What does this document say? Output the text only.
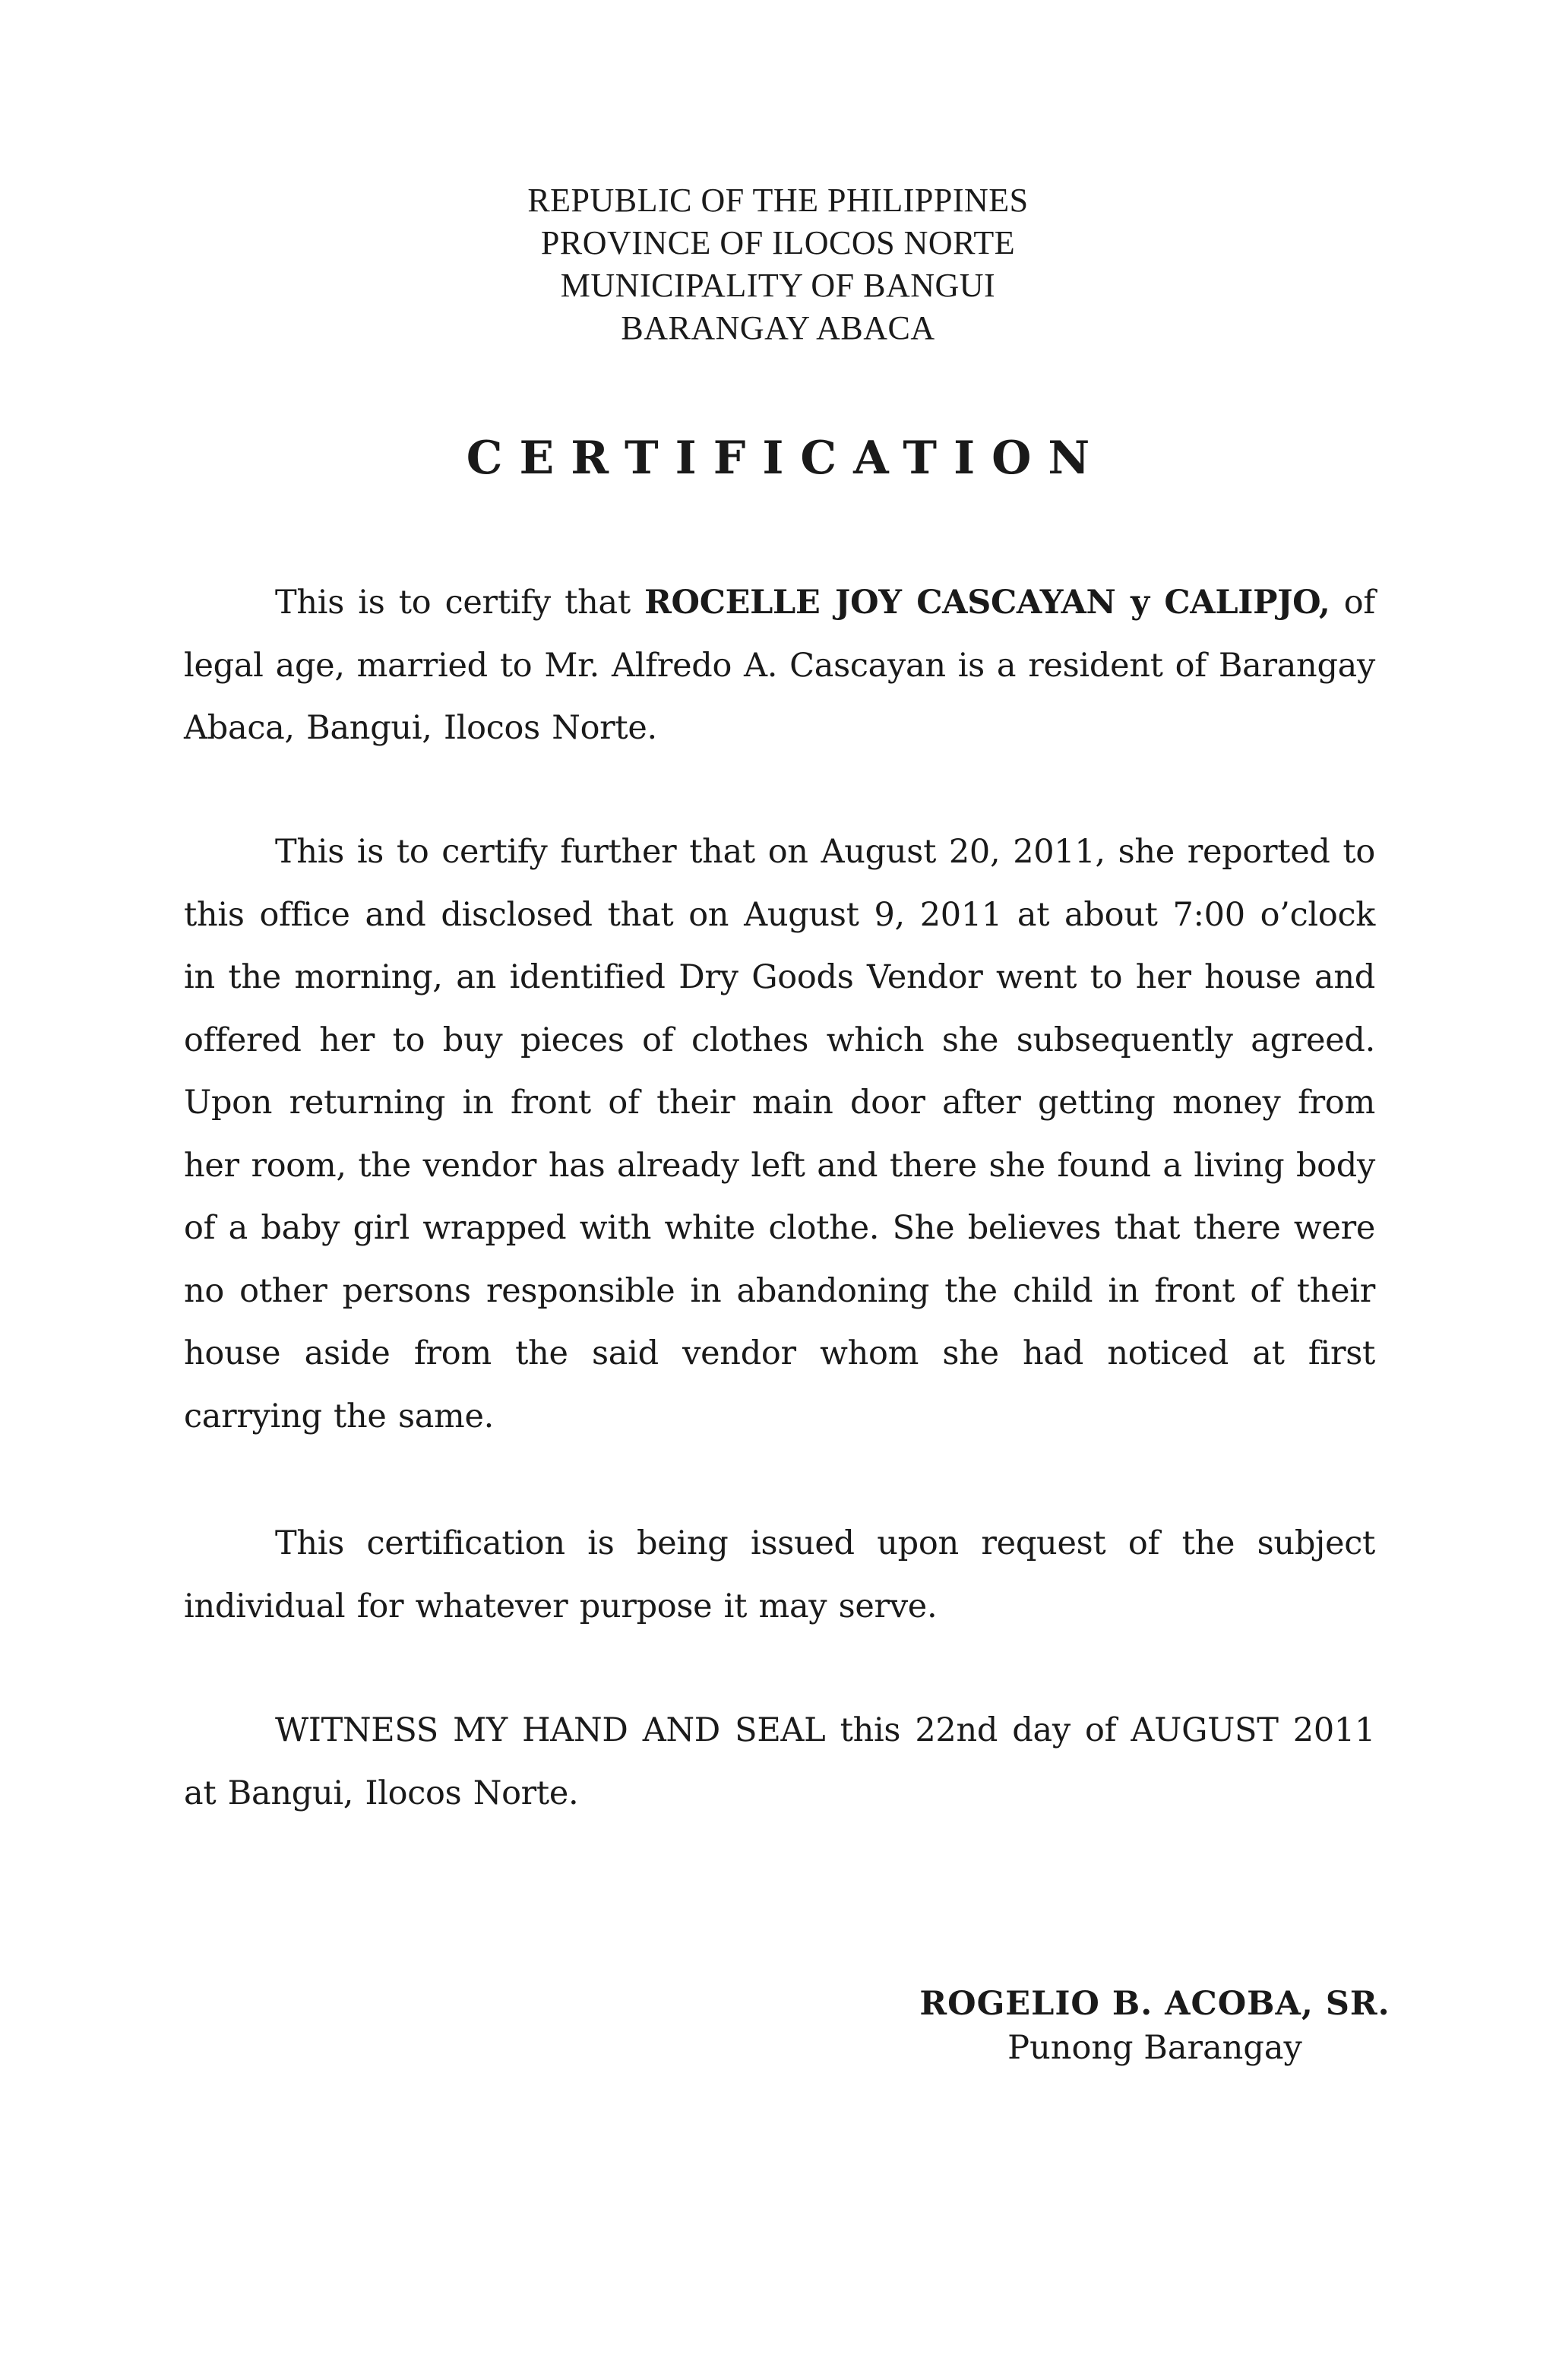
REPUBLIC OF THE PHILIPPINES
PROVINCE OF ILOCOS NORTE
MUNICIPALITY OF BANGUI
BARANGAY ABACA
CERTIFICATION

This is to certify that ROCELLE JOY CASCAYAN y CALIPJO, of legal age, married to Mr. Alfredo A. Cascayan is a resident of Barangay Abaca, Bangui, Ilocos Norte.

This is to certify further that on August 20, 2011, she reported to this office and disclosed that on August 9, 2011 at about 7:00 o’clock in the morning, an identified Dry Goods Vendor went to her house and offered her to buy pieces of clothes which she subsequently agreed. Upon returning in front of their main door after getting money from her room, the vendor has already left and there she found a living body of a baby girl wrapped with white clothe. She believes that there were no other persons responsible in abandoning the child in front of their house aside from the said vendor whom she had noticed at first carrying the same.

This certification is being issued upon request of the subject individual for whatever purpose it may serve.

WITNESS MY HAND AND SEAL this 22nd day of AUGUST 2011 at Bangui, Ilocos Norte.

ROGELIO B. ACOBA, SR.
Punong Barangay
